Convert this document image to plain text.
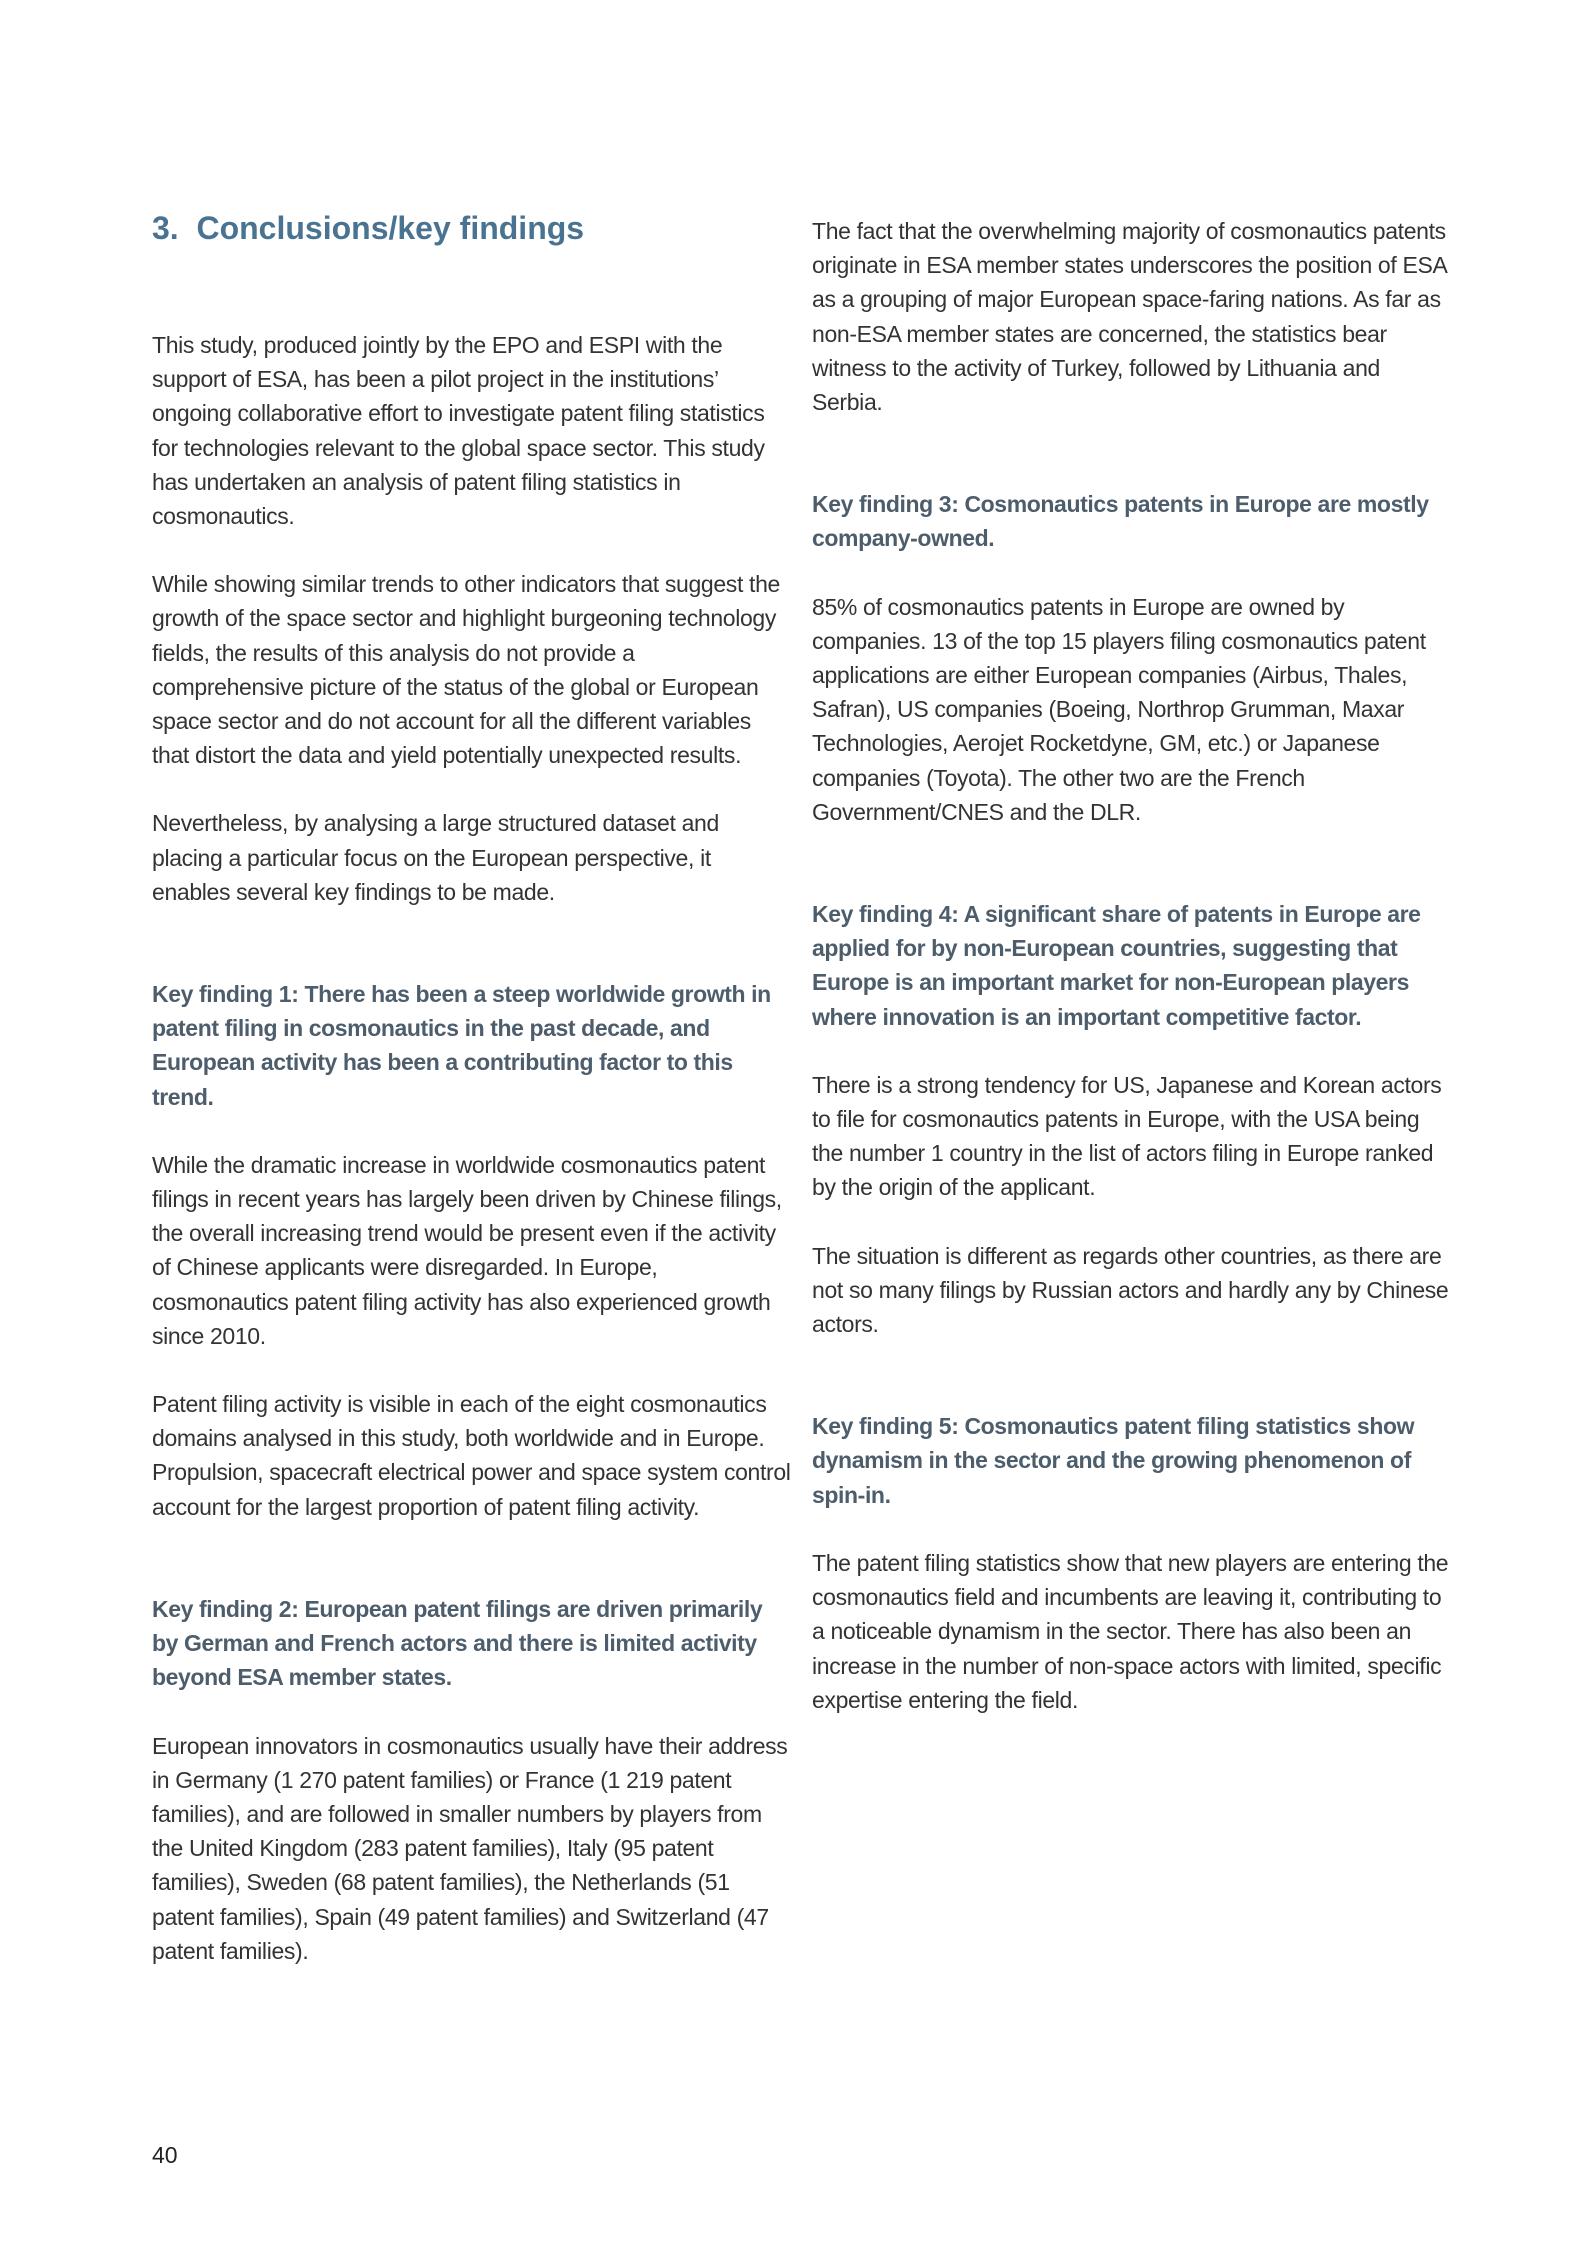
3.  Conclusions/key findings

This study, produced jointly by the EPO and ESPI with the support of ESA, has been a pilot project in the institutions’ ongoing collaborative effort to investigate patent filing statistics for technologies relevant to the global space sector. This study has undertaken an analysis of patent filing statistics in cosmonautics.

While showing similar trends to other indicators that suggest the growth of the space sector and highlight burgeoning technology fields, the results of this analysis do not provide a comprehensive picture of the status of the global or European space sector and do not account for all the different variables that distort the data and yield potentially unexpected results.

Nevertheless, by analysing a large structured dataset and placing a particular focus on the European perspective, it enables several key findings to be made.

Key finding 1: There has been a steep worldwide growth in patent filing in cosmonautics in the past decade, and European activity has been a contributing factor to this trend.

While the dramatic increase in worldwide cosmonautics patent filings in recent years has largely been driven by Chinese filings, the overall increasing trend would be present even if the activity of Chinese applicants were disregarded. In Europe, cosmonautics patent filing activity has also experienced growth since 2010.

Patent filing activity is visible in each of the eight cosmonautics domains analysed in this study, both worldwide and in Europe. Propulsion, spacecraft electrical power and space system control account for the largest proportion of patent filing activity.

Key finding 2: European patent filings are driven primarily by German and French actors and there is limited activity beyond ESA member states.

European innovators in cosmonautics usually have their address in Germany (1 270 patent families) or France (1 219 patent families), and are followed in smaller numbers by players from the United Kingdom (283 patent families), Italy (95 patent families), Sweden (68 patent families), the Netherlands (51 patent families), Spain (49 patent families) and Switzerland (47 patent families).

The fact that the overwhelming majority of cosmonautics patents originate in ESA member states underscores the position of ESA as a grouping of major European space-faring nations. As far as non-ESA member states are concerned, the statistics bear witness to the activity of Turkey, followed by Lithuania and Serbia.

Key finding 3: Cosmonautics patents in Europe are mostly company-owned.

85% of cosmonautics patents in Europe are owned by companies. 13 of the top 15 players filing cosmonautics patent applications are either European companies (Airbus, Thales, Safran), US companies (Boeing, Northrop Grumman, Maxar Technologies, Aerojet Rocketdyne, GM, etc.) or Japanese companies (Toyota). The other two are the French Government/CNES and the DLR.

Key finding 4: A significant share of patents in Europe are applied for by non-European countries, suggesting that Europe is an important market for non-European players where innovation is an important competitive factor.

There is a strong tendency for US, Japanese and Korean actors to file for cosmonautics patents in Europe, with the USA being the number 1 country in the list of actors filing in Europe ranked by the origin of the applicant.

The situation is different as regards other countries, as there are not so many filings by Russian actors and hardly any by Chinese actors.

Key finding 5: Cosmonautics patent filing statistics show dynamism in the sector and the growing phenomenon of spin-in.

The patent filing statistics show that new players are entering the cosmonautics field and incumbents are leaving it, contributing to a noticeable dynamism in the sector. There has also been an increase in the number of non-space actors with limited, specific expertise entering the field.

40
